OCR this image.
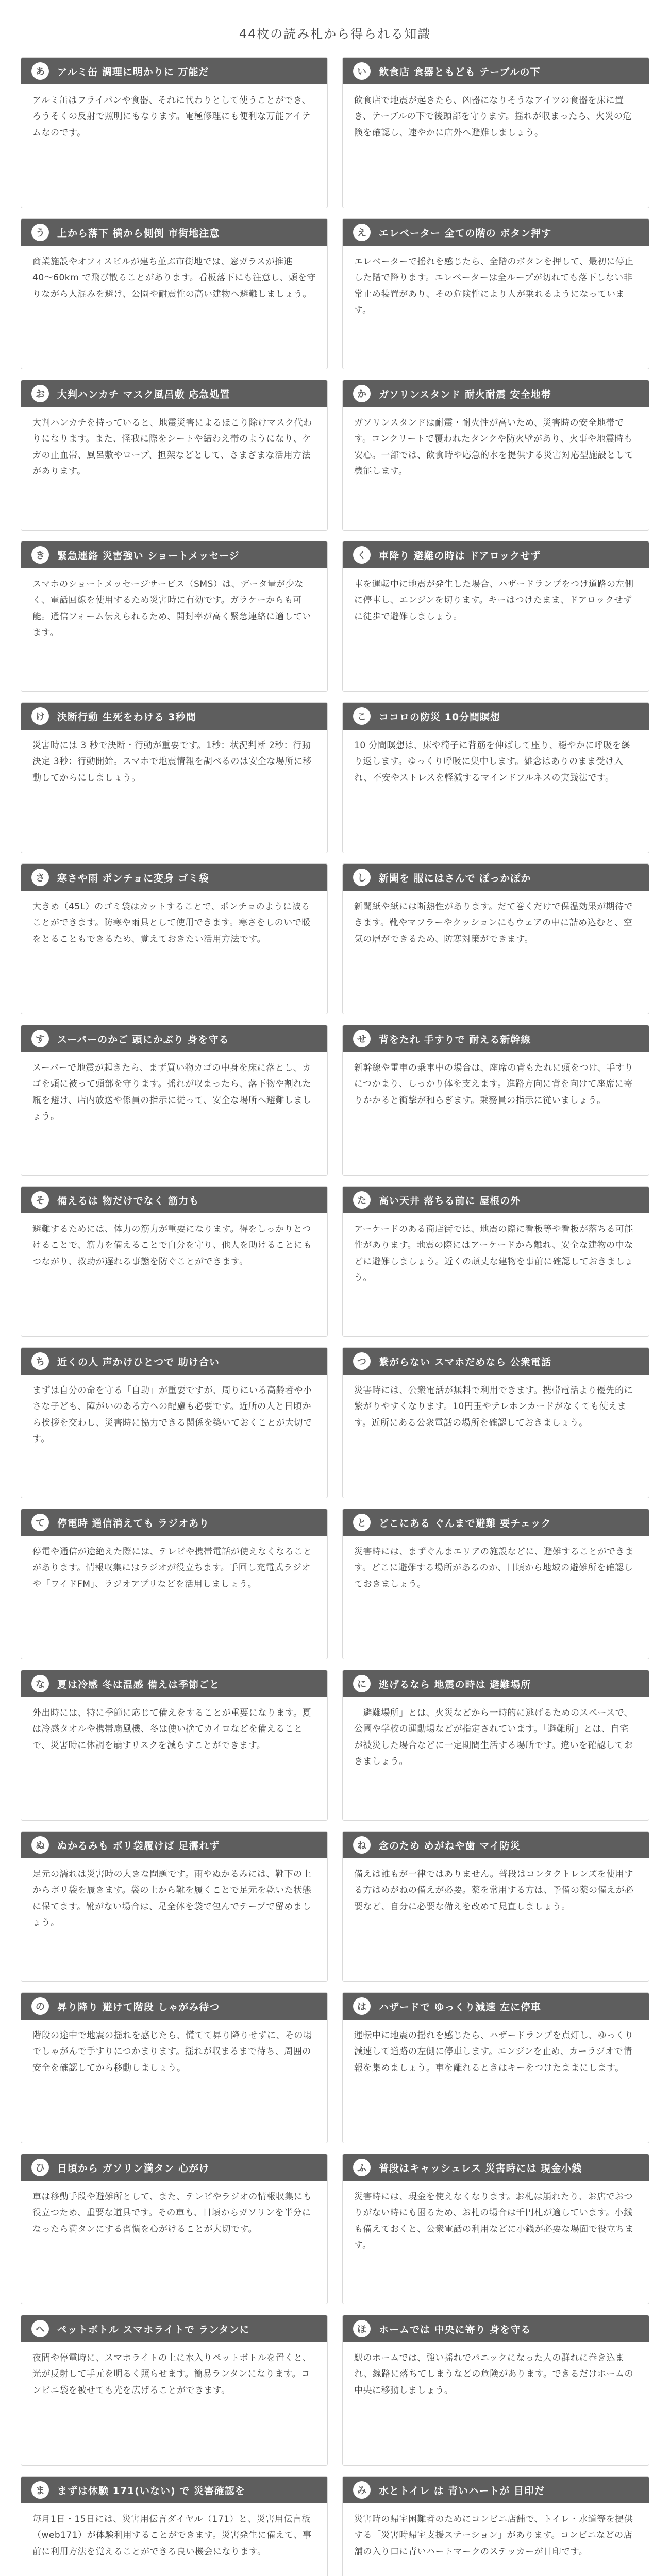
44枚の読み札から得られる知識
あ	アルミ缶 調理に明かりに 万能だ
アルミ缶はフライパンや食器、それに代わりとして使うことができ、ろうそくの反射で照明にもなります。電極修理にも便利な万能アイテムなのです。
い	飲食店 食器ともども テーブルの下
飲食店で地震が起きたら、凶器になりそうなアイツの食器を床に置き、テーブルの下で後頭部を守ります。揺れが収まったら、火災の危険を確認し、速やかに店外へ避難しましょう。
う	上から落下 横から側倒 市街地注意
商業施設やオフィスビルが建ち並ぶ市街地では、窓ガラスが推進 40〜60km で飛び散ることがあります。看板落下にも注意し、頭を守りながら人混みを避け、公園や耐震性の高い建物へ避難しましょう。
え	エレベーター 全ての階の ボタン押す
エレベーターで揺れを感じたら、全階のボタンを押して、最初に停止した階で降ります。エレベーターは全ループが切れても落下しない非常止め装置があり、その危険性により人が乗れるようになっています。
お	大判ハンカチ マスク風呂敷 応急処置
大判ハンカチを持っていると、地震災害によるほこり除けマスク代わりになります。また、怪我に際をシートや結わえ帯のようになり、ケガの止血帯、風呂敷やロープ、担架などとして、さまざまな活用方法があります。
か	ガソリンスタンド 耐火耐震 安全地帯
ガソリンスタンドは耐震・耐火性が高いため、災害時の安全地帯です。コンクリートで覆われたタンクや防火壁があり、火事や地震時も安心。一部では、飲食時や応急的水を提供する災害対応型施設として機能します。
き	緊急連絡 災害強い ショートメッセージ
スマホのショートメッセージサービス（SMS）は、データ量が少なく、電話回線を使用するため災害時に有効です。ガラケーからも可能。通信フォーム伝えられるため、開封率が高く緊急連絡に適しています。
く	車降り 避難の時は ドアロックせず
車を運転中に地震が発生した場合、ハザードランプをつけ道路の左側に停車し、エンジンを切ります。キーはつけたまま、ドアロックせずに徒歩で避難しましょう。
け	決断行動 生死をわける 3秒間
災害時には 3 秒で決断・行動が重要です。1秒：状況判断 2秒：行動決定 3秒：行動開始。スマホで地震情報を調べるのは安全な場所に移動してからにしましょう。
こ	ココロの防災 10分間瞑想
10 分間瞑想は、床や椅子に背筋を伸ばして座り、穏やかに呼吸を繰り返します。ゆっくり呼吸に集中します。雑念はありのまま受け入れ、不安やストレスを軽減するマインドフルネスの実践法です。
さ	寒さや雨 ポンチョに変身 ゴミ袋
大きめ（45L）のゴミ袋はカットすることで、ポンチョのように被ることができます。防寒や雨具として使用できます。寒さをしのいで暖をとることもできるため、覚えておきたい活用方法です。
し	新聞を 服にはさんで ぽっかぽか
新聞紙や紙には断熱性があります。だて巻くだけで保温効果が期待できます。靴やマフラーやクッションにもウェアの中に詰め込むと、空気の層ができるため、防寒対策ができます。
す	スーパーのかご 頭にかぶり 身を守る
スーパーで地震が起きたら、まず買い物カゴの中身を床に落とし、カゴを頭に被って頭部を守ります。揺れが収まったら、落下物や割れた瓶を避け、店内放送や係員の指示に従って、安全な場所へ避難しましょう。
せ	背をたれ 手すりで 耐える新幹線
新幹線や電車の乗車中の場合は、座席の背もたれに頭をつけ、手すりにつかまり、しっかり体を支えます。進路方向に背を向けて座席に寄りかかると衝撃が和らぎます。乗務員の指示に従いましょう。
そ	備えるは 物だけでなく 筋力も
避難するためには、体力の筋力が重要になります。得をしっかりとつけることで、筋力を備えることで自分を守り、他人を助けることにもつながり、救助が遅れる事態を防ぐことができます。
た	高い天井 落ちる前に 屋根の外
アーケードのある商店街では、地震の際に看板等や看板が落ちる可能性があります。地震の際にはアーケードから離れ、安全な建物の中などに避難しましょう。近くの頑丈な建物を事前に確認しておきましょう。
ち	近くの人 声かけひとつで 助け合い
まずは自分の命を守る「自助」が重要ですが、周りにいる高齢者や小さな子ども、障がいのある方への配慮も必要です。近所の人と日頃から挨拶を交わし、災害時に協力できる関係を築いておくことが大切です。
つ	繋がらない スマホだめなら 公衆電話
災害時には、公衆電話が無料で利用できます。携帯電話より優先的に繋がりやすくなります。10円玉やテレホンカードがなくても使えます。近所にある公衆電話の場所を確認しておきましょう。
て	停電時 通信消えても ラジオあり
停電や通信が途絶えた際には、テレビや携帯電話が使えなくなることがあります。情報収集にはラジオが役立ちます。手回し充電式ラジオや「ワイドFM」、ラジオアプリなどを活用しましょう。
と	どこにある ぐんまで避難 要チェック
災害時には、まずぐんまエリアの施設などに、避難することができます。どこに避難する場所があるのか、日頃から地域の避難所を確認しておきましょう。
な	夏は冷感 冬は温感 備えは季節ごと
外出時には、特に季節に応じて備えをすることが重要になります。夏は冷感タオルや携帯扇風機、冬は使い捨てカイロなどを備えることで、災害時に体調を崩すリスクを減らすことができます。
に	逃げるなら 地震の時は 避難場所
「避難場所」とは、火災などから一時的に逃げるためのスペースで、公園や学校の運動場などが指定されています。「避難所」とは、自宅が被災した場合などに一定期間生活する場所です。違いを確認しておきましょう。
ぬ	ぬかるみも ポリ袋履けば 足濡れず
足元の濡れは災害時の大きな問題です。雨やぬかるみには、靴下の上からポリ袋を履きます。袋の上から靴を履くことで足元を乾いた状態に保てます。靴がない場合は、足全体を袋で包んでテープで留めましょう。
ね	念のため めがねや歯 マイ防災
備えは誰もが一律ではありません。普段はコンタクトレンズを使用する方はめがねの備えが必要。薬を常用する方は、予備の薬の備えが必要など、自分に必要な備えを改めて見直しましょう。
の	昇り降り 避けて階段 しゃがみ待つ
階段の途中で地震の揺れを感じたら、慌てて昇り降りせずに、その場でしゃがんで手すりにつかまります。揺れが収まるまで待ち、周囲の安全を確認してから移動しましょう。
は	ハザードで ゆっくり減速 左に停車
運転中に地震の揺れを感じたら、ハザードランプを点灯し、ゆっくり減速して道路の左側に停車します。エンジンを止め、カーラジオで情報を集めましょう。車を離れるときはキーをつけたままにします。
ひ	日頃から ガソリン満タン 心がけ
車は移動手段や避難所として、また、テレビやラジオの情報収集にも役立つため、重要な道具です。その車も、日頃からガソリンを半分になったら満タンにする習慣を心がけることが大切です。
ふ	普段はキャッシュレス 災害時には 現金小銭
災害時には、現金を使えなくなります。お札は崩れたり、お店でおつりがない時にも困るため、お札の場合は千円札が適しています。小銭も備えておくと、公衆電話の利用などに小銭が必要な場面で役立ちます。
へ	ペットボトル スマホライトで ランタンに
夜間や停電時に、スマホライトの上に水入りペットボトルを置くと、光が反射して手元を明るく照らせます。簡易ランタンになります。コンビニ袋を被せても光を広げることができます。
ほ	ホームでは 中央に寄り 身を守る
駅のホームでは、強い揺れでパニックになった人の群れに巻き込まれ、線路に落ちてしまうなどの危険があります。できるだけホームの中央に移動しましょう。
ま	まずは休験 171(いない) で 災害確認を
毎月1日・15日には、災害用伝言ダイヤル（171）と、災害用伝言板（web171）が体験利用することができます。災害発生に備えて、事前に利用方法を覚えることができる良い機会になります。
み	水とトイレ は 青いハートが 目印だ
災害時の帰宅困難者のためにコンビニ店舗で、トイレ・水道等を提供する「災害時帰宅支援ステーション」があります。コンビニなどの店舗の入り口に青いハートマークのステッカーが目印です。
